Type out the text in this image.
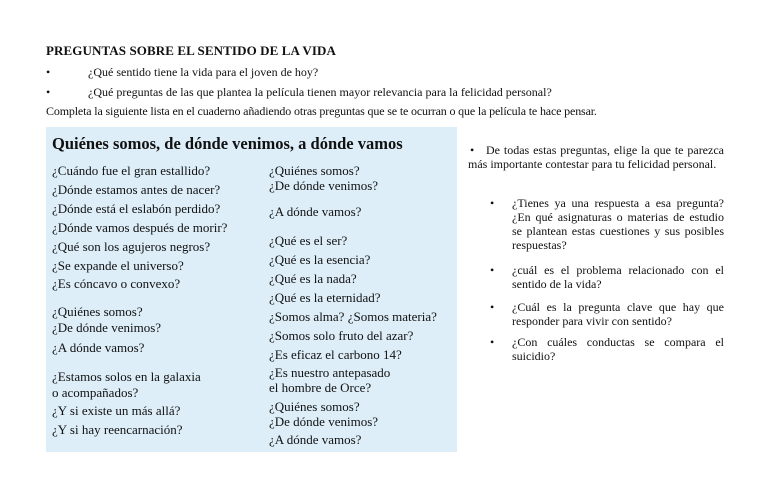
PREGUNTAS SOBRE EL SENTIDO DE LA VIDA
•	¿Qué sentido tiene la vida para el joven de hoy?
•	¿Qué preguntas de las que plantea la película tienen mayor relevancia para la felicidad personal?
Completa la siguiente lista en el cuaderno añadiendo otras preguntas que se te ocurran o que la película te hace pensar.
Quiénes somos, de dónde venimos, a dónde vamos
¿Cuándo fue el gran estallido?
¿Dónde estamos antes de nacer?
¿Dónde está el eslabón perdido?
¿Dónde vamos después de morir?
¿Qué son los agujeros negros?
¿Se expande el universo?
¿Es cóncavo o convexo?
¿Quiénes somos?
¿De dónde venimos?
¿A dónde vamos?
¿Estamos solos en la galaxia
o acompañados?
¿Y si existe un más allá?
¿Y si hay reencarnación?
¿Quiénes somos?
¿De dónde venimos?
¿A dónde vamos?
¿Qué es el ser?
¿Qué es la esencia?
¿Qué es la nada?
¿Qué es la eternidad?
¿Somos alma? ¿Somos materia?
¿Somos solo fruto del azar?
¿Es eficaz el carbono 14?
¿Es nuestro antepasado
el hombre de Orce?
¿Quiénes somos?
¿De dónde venimos?
¿A dónde vamos?
• De todas estas preguntas, elige la que te parezca más importante contestar para tu felicidad personal.
• ¿Tienes ya una respuesta a esa pregunta? ¿En qué asignaturas o materias de estudio se plantean estas cuestiones y sus posibles respuestas?
• ¿cuál es el problema relacionado con el sentido de la vida?
• ¿Cuál es la pregunta clave que hay que responder para vivir con sentido?
• ¿Con cuáles conductas se compara el suicidio?
